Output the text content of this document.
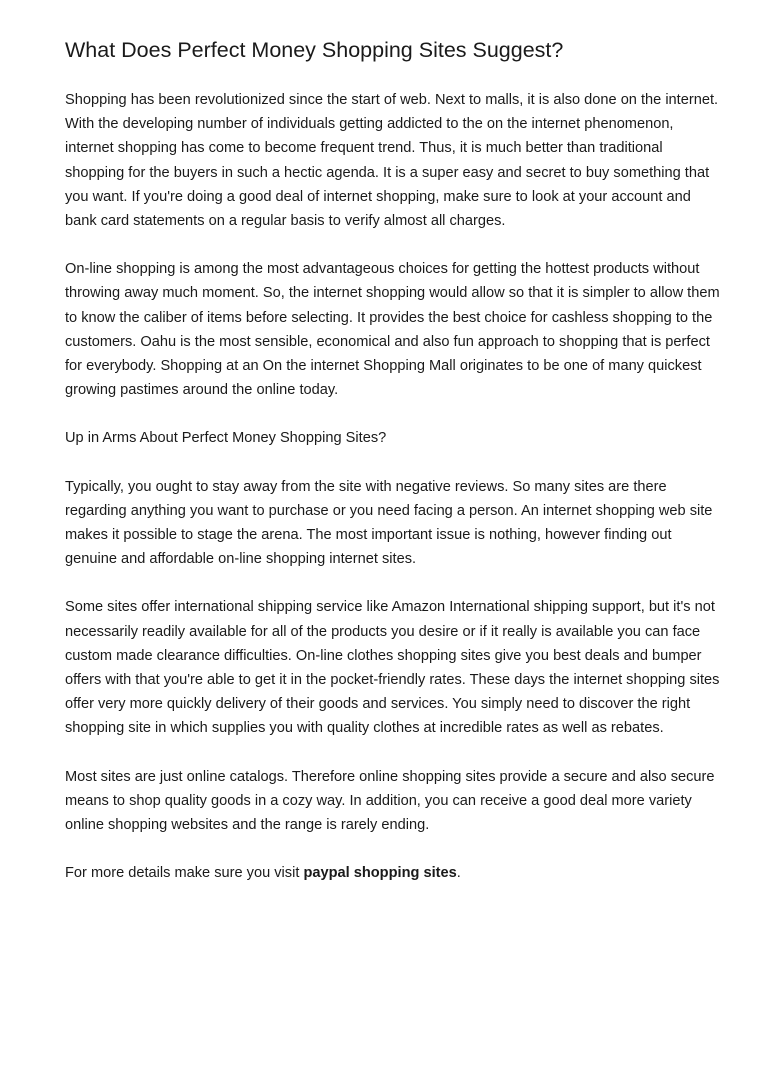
What Does Perfect Money Shopping Sites Suggest?

Shopping has been revolutionized since the start of web. Next to malls, it is also done on the internet. With the developing number of individuals getting addicted to the on the internet phenomenon, internet shopping has come to become frequent trend. Thus, it is much better than traditional shopping for the buyers in such a hectic agenda. It is a super easy and secret to buy something that you want. If you're doing a good deal of internet shopping, make sure to look at your account and bank card statements on a regular basis to verify almost all charges.

On-line shopping is among the most advantageous choices for getting the hottest products without throwing away much moment. So, the internet shopping would allow so that it is simpler to allow them to know the caliber of items before selecting. It provides the best choice for cashless shopping to the customers. Oahu is the most sensible, economical and also fun approach to shopping that is perfect for everybody. Shopping at an On the internet Shopping Mall originates to be one of many quickest growing pastimes around the online today.

Up in Arms About Perfect Money Shopping Sites?

Typically, you ought to stay away from the site with negative reviews. So many sites are there regarding anything you want to purchase or you need facing a person. An internet shopping web site makes it possible to stage the arena. The most important issue is nothing, however finding out genuine and affordable on-line shopping internet sites.

Some sites offer international shipping service like Amazon International shipping support, but it's not necessarily readily available for all of the products you desire or if it really is available you can face custom made clearance difficulties. On-line clothes shopping sites give you best deals and bumper offers with that you're able to get it in the pocket-friendly rates. These days the internet shopping sites offer very more quickly delivery of their goods and services. You simply need to discover the right shopping site in which supplies you with quality clothes at incredible rates as well as rebates.

Most sites are just online catalogs. Therefore online shopping sites provide a secure and also secure means to shop quality goods in a cozy way. In addition, you can receive a good deal more variety online shopping websites and the range is rarely ending.

For more details make sure you visit paypal shopping sites.
